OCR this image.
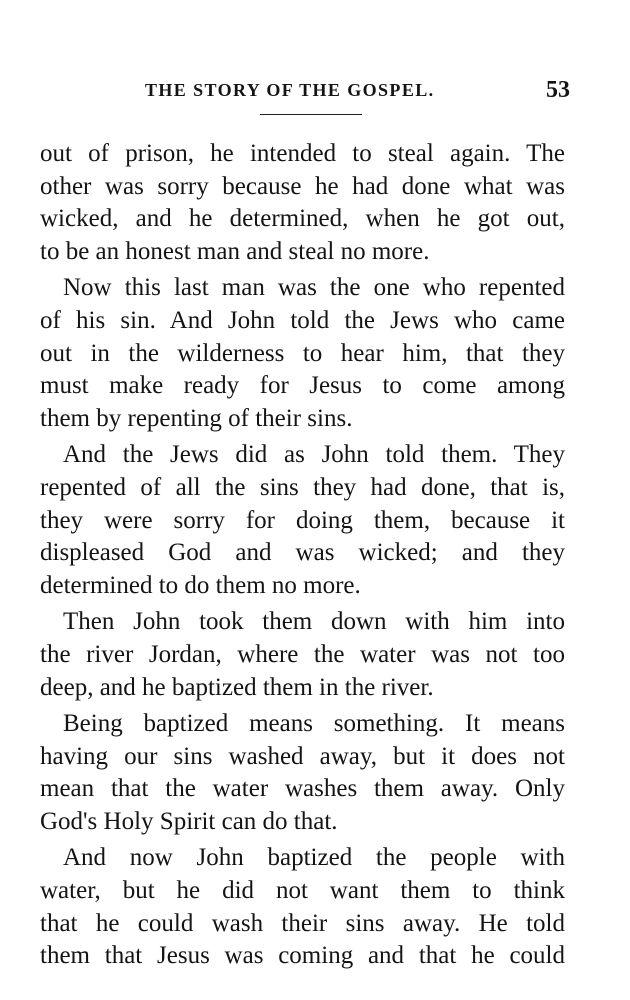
THE STORY OF THE GOSPEL.	53
out of prison, he intended to steal again. The
other was sorry because he had done what was
wicked, and he determined, when he got out,
to be an honest man and steal no more.
Now this last man was the one who repented
of his sin. And John told the Jews who came
out in the wilderness to hear him, that they
must make ready for Jesus to come among
them by repenting of their sins.
And the Jews did as John told them. They
repented of all the sins they had done, that is,
they were sorry for doing them, because it
displeased God and was wicked; and they
determined to do them no more.
Then John took them down with him into
the river Jordan, where the water was not too
deep, and he baptized them in the river.
Being baptized means something. It means
having our sins washed away, but it does not
mean that the water washes them away. Only
God's Holy Spirit can do that.
And now John baptized the people with
water, but he did not want them to think
that he could wash their sins away. He told
them that Jesus was coming and that he could
